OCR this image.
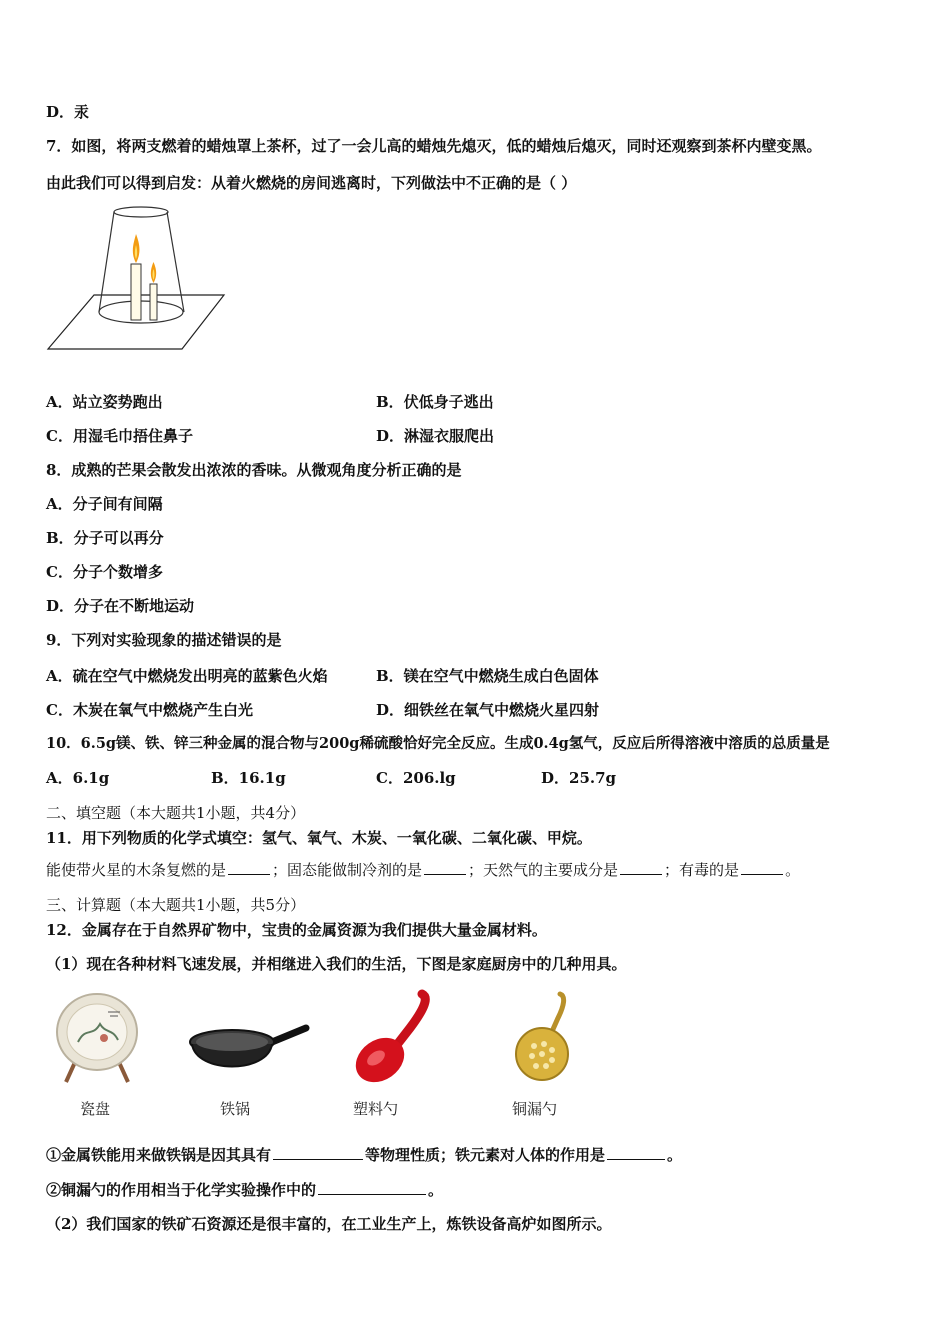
D．汞
7．如图，将两支燃着的蜡烛罩上茶杯，过了一会儿高的蜡烛先熄灭，低的蜡烛后熄灭，同时还观察到茶杯内壁变黑。
由此我们可以得到启发：从着火燃烧的房间逃离时，下列做法中不正确的是（ ）
A．站立姿势跑出	B．伏低身子逃出
C．用湿毛巾捂住鼻子	D．淋湿衣服爬出
8．成熟的芒果会散发出浓浓的香味。从微观角度分析正确的是
A．分子间有间隔
B．分子可以再分
C．分子个数增多
D．分子在不断地运动
9．下列对实验现象的描述错误的是
A．硫在空气中燃烧发出明亮的蓝紫色火焰	B．镁在空气中燃烧生成白色固体
C．木炭在氧气中燃烧产生白光	D．细铁丝在氧气中燃烧火星四射
10．6.5g镁、铁、锌三种金属的混合物与200g稀硫酸恰好完全反应。生成0.4g氢气，反应后所得溶液中溶质的总质量是
A．6.1g	B．16.1g	C．206.lg	D．25.7g
二、填空题（本大题共1小题，共4分）
11．用下列物质的化学式填空：氢气、氧气、木炭、一氧化碳、二氧化碳、甲烷。
能使带火星的木条复燃的是	；固态能做制冷剂的是	；天然气的主要成分是	；有毒的是	。
三、计算题（本大题共1小题，共5分）
12．金属存在于自然界矿物中，宝贵的金属资源为我们提供大量金属材料。
（1）现在各种材料飞速发展，并相继进入我们的生活，下图是家庭厨房中的几种用具。
瓷盘	铁锅	塑料勺	铜漏勺
①金属铁能用来做铁锅是因其具有	等物理性质；铁元素对人体的作用是	。
②铜漏勺的作用相当于化学实验操作中的	。
（2）我们国家的铁矿石资源还是很丰富的，在工业生产上，炼铁设备高炉如图所示。
